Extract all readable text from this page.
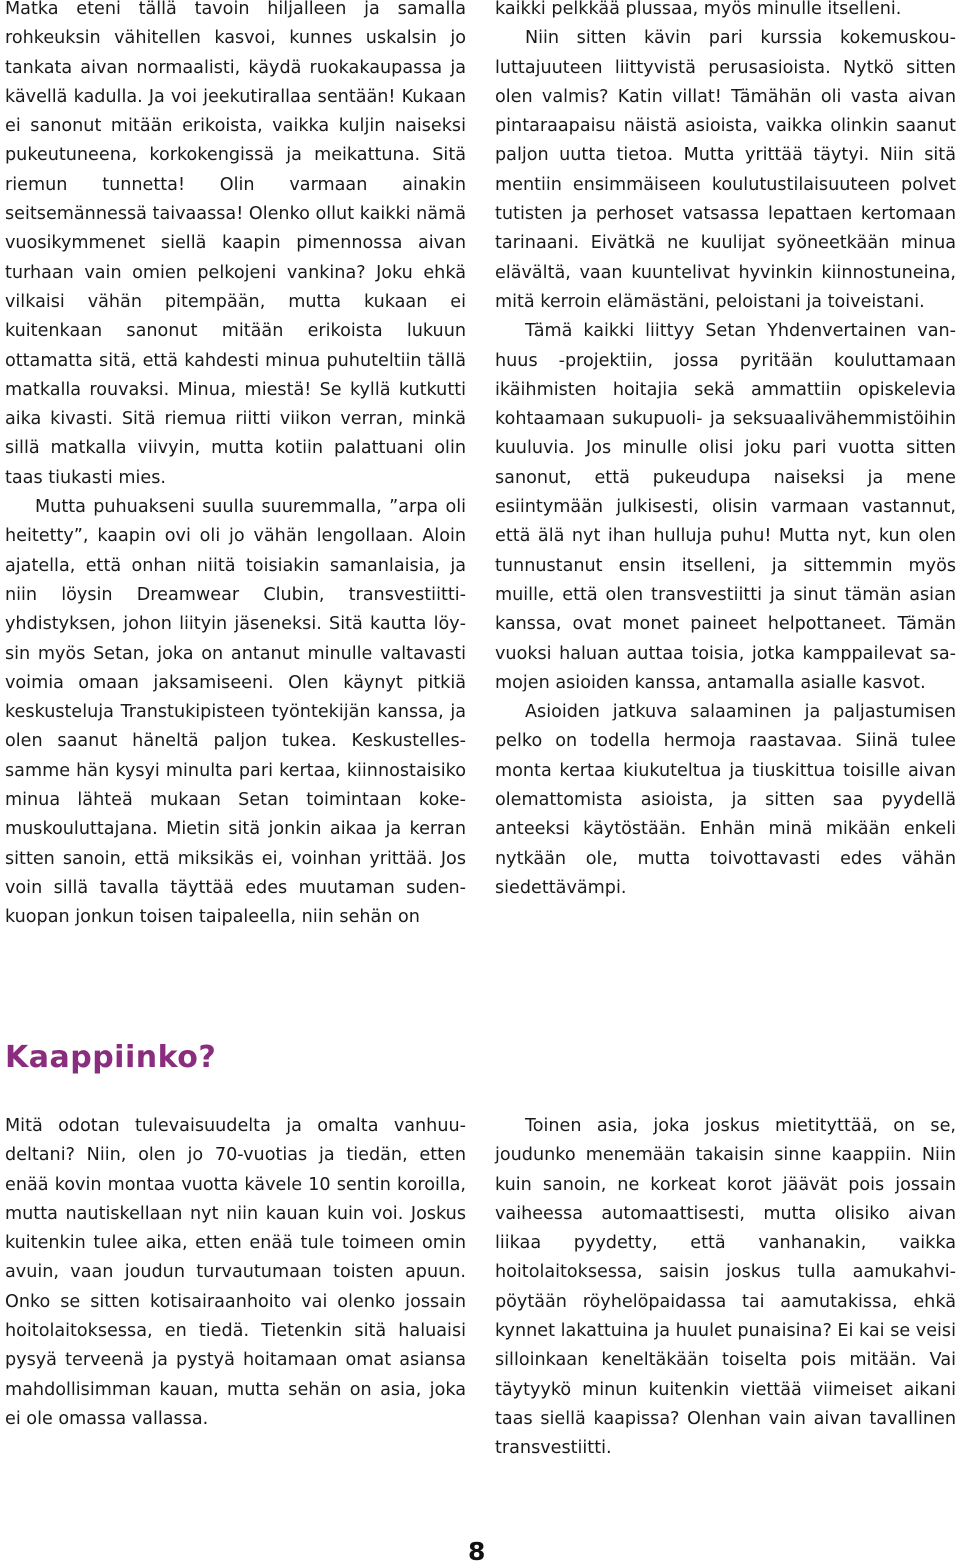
Matka eteni tällä tavoin hiljalleen ja samalla rohkeuksin vähitellen kasvoi, kunnes uskalsin jo tankata aivan normaalisti, käydä ruokakaupassa ja kävellä kadulla. Ja voi jeekutirallaa sentään! Kukaan ei sanonut mitään erikoista, vaikka kuljin naiseksi pukeutuneena, korkokengissä ja meikattuna. Sitä riemun tunnetta! Olin varmaan ainakin seitsemännessä taivaassa! Olenko ollut kaikki nämä vuosikymmenet siellä kaapin pimennossa aivan turhaan vain omien pelkojeni vankina? Joku ehkä vilkaisi vähän pitempään, mutta kukaan ei kuitenkaan sanonut mitään erikoista lukuun ottamatta sitä, että kahdesti minua puhuteltiin tällä matkalla rouvaksi. Minua, miestä! Se kyllä kutkutti aika kivasti. Sitä riemua riitti viikon verran, minkä sillä matkalla viivyin, mutta kotiin palattuani olin taas tiukasti mies.

Mutta puhuakseni suulla suuremmalla, ”arpa oli heitetty”, kaapin ovi oli jo vähän lengollaan. Aloin ajatella, että onhan niitä toisiakin samanlaisia, ja niin löysin Dreamwear Clubin, transvestiittiyhdistyksen, johon liityin jäseneksi. Sitä kautta löysin myös Setan, joka on antanut minulle valtavasti voimia omaan jaksamiseeni. Olen käynyt pitkiä keskusteluja Transtukipisteen työntekijän kanssa, ja olen saanut häneltä paljon tukea. Keskustellessamme hän kysyi minulta pari kertaa, kiinnostaisiko minua lähteä mukaan Setan toimintaan kokemuskouluttajana. Mietin sitä jonkin aikaa ja kerran sitten sanoin, että miksikäs ei, voinhan yrittää. Jos voin sillä tavalla täyttää edes muutaman sudenkuopan jonkun toisen taipaleella, niin sehän on

kaikki pelkkää plussaa, myös minulle itselleni.

Niin sitten kävin pari kurssia kokemuskouluttajuuteen liittyvistä perusasioista. Nytkö sitten olen valmis? Katin villat! Tämähän oli vasta aivan pintaraapaisu näistä asioista, vaikka olinkin saanut paljon uutta tietoa. Mutta yrittää täytyi. Niin sitä mentiin ensimmäiseen koulutustilaisuuteen polvet tutisten ja perhoset vatsassa lepattaen kertomaan tarinaani. Eivätkä ne kuulijat syöneetkään minua elävältä, vaan kuuntelivat hyvinkin kiinnostuneina, mitä kerroin elämästäni, peloistani ja toiveistani.

Tämä kaikki liittyy Setan Yhdenvertainen vanhuus -projektiin, jossa pyritään kouluttamaan ikäihmisten hoitajia sekä ammattiin opiskelevia kohtaamaan sukupuoli- ja seksuaalivähemmistöihin kuuluvia. Jos minulle olisi joku pari vuotta sitten sanonut, että pukeudupa naiseksi ja mene esiintymään julkisesti, olisin varmaan vastannut, että älä nyt ihan hulluja puhu! Mutta nyt, kun olen tunnustanut ensin itselleni, ja sittemmin myös muille, että olen transvestiitti ja sinut tämän asian kanssa, ovat monet paineet helpottaneet. Tämän vuoksi haluan auttaa toisia, jotka kamppailevat samojen asioiden kanssa, antamalla asialle kasvot.

Asioiden jatkuva salaaminen ja paljastumisen pelko on todella hermoja raastavaa. Siinä tulee monta kertaa kiukuteltua ja tiuskittua toisille aivan olemattomista asioista, ja sitten saa pyydellä anteeksi käytöstään. Enhän minä mikään enkeli nytkään ole, mutta toivottavasti edes vähän siedettävämpi.

Kaappiinko?

Mitä odotan tulevaisuudelta ja omalta vanhuudeltani? Niin, olen jo 70-vuotias ja tiedän, etten enää kovin montaa vuotta kävele 10 sentin koroilla, mutta nautiskellaan nyt niin kauan kuin voi. Joskus kuitenkin tulee aika, etten enää tule toimeen omin avuin, vaan joudun turvautumaan toisten apuun. Onko se sitten kotisairaanhoito vai olenko jossain hoitolaitoksessa, en tiedä. Tietenkin sitä haluaisi pysyä terveenä ja pystyä hoitamaan omat asiansa mahdollisimman kauan, mutta sehän on asia, joka ei ole omassa vallassa.

Toinen asia, joka joskus mietityttää, on se, joudunko menemään takaisin sinne kaappiin. Niin kuin sanoin, ne korkeat korot jäävät pois jossain vaiheessa automaattisesti, mutta olisiko aivan liikaa pyydetty, että vanhanakin, vaikka hoitolaitoksessa, saisin joskus tulla aamukahvipöytään röyhelöpaidassa tai aamutakissa, ehkä kynnet lakattuina ja huulet punaisina? Ei kai se veisi silloinkaan keneltäkään toiselta pois mitään. Vai täytyykö minun kuitenkin viettää viimeiset aikani taas siellä kaapissa? Olenhan vain aivan tavallinen transvestiitti.

8
